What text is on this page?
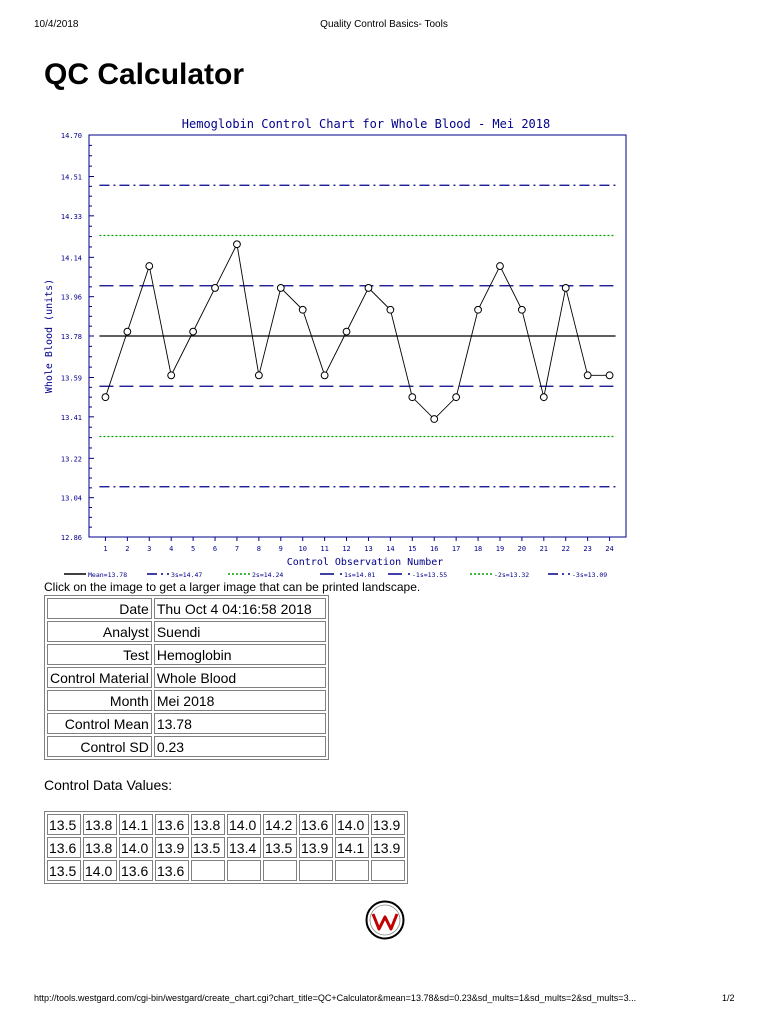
10/4/2018	Quality Control Basics- Tools
QC Calculator
14.70
14.51
14.33
14.14
13.96
13.78
13.59
13.41
13.22
13.04
12.86
1	2	3	4	5	6	7	8	9 10 11 12 13 14 15 16 17 18 19 20 21 22 23 24
Mean=13.78	3s=14.47	2s=14.24	1s=14.01	-1s=13.55	-2s=13.32	-3s=13.09
Hemoglobin Control Chart for Whole Blood - Mei 2018
Control Observation Number
Whole Blood (units)
Click on the image to get a larger image that can be printed landscape.
Date	Thu Oct 4 04:16:58 2018
Analyst	Suendi
Test	Hemoglobin
Control Material	Whole Blood
Month	Mei 2018
Control Mean	13.78
Control SD	0.23
Control Data Values:
13.5	13.8	14.1	13.6	13.8	14.0	14.2	13.6	14.0	13.9
13.6	13.8	14.0	13.9	13.5	13.4	13.5	13.9	14.1	13.9
13.5	14.0	13.6	13.6						
http://tools.westgard.com/cgi-bin/westgard/create_chart.cgi?chart_title=QC+Calculator&mean=13.78&sd=0.23&sd_mults=1&sd_mults=2&sd_mults=3...	1/2
